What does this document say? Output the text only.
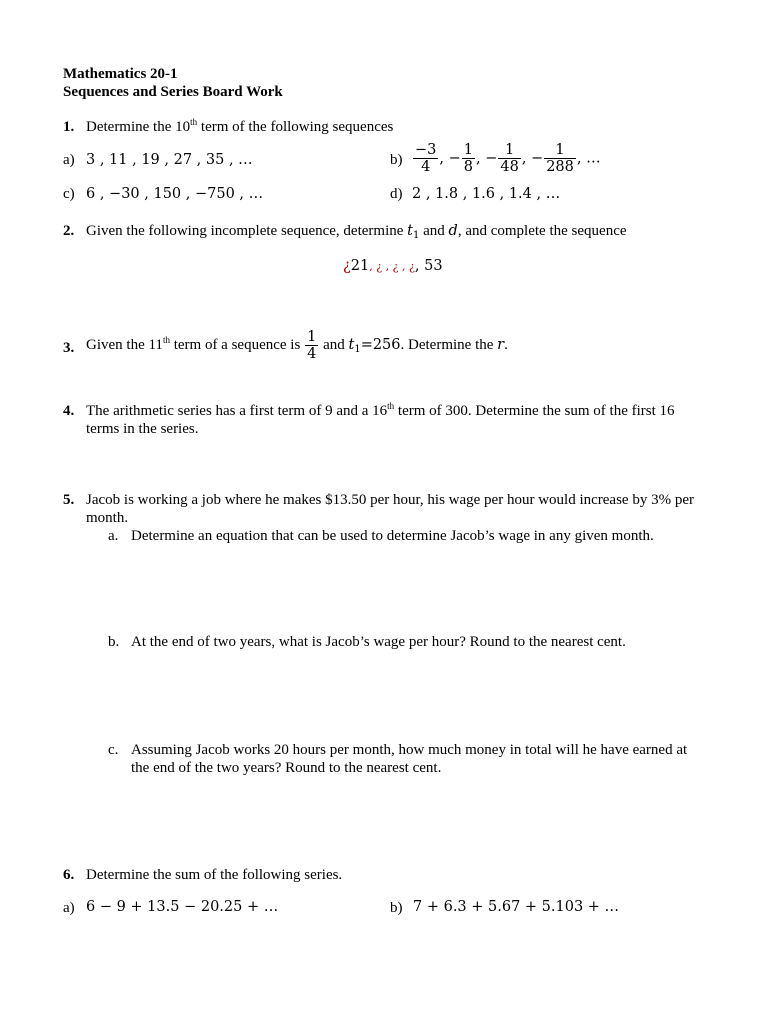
Mathematics 20-1
Sequences and Series Board Work
1. Determine the 10th term of the following sequences
a) 3 , 11 , 19 , 27 , 35 , …	$b) \frac{-3}{4}$ , − $\frac{1}{8}$ , − $\frac{1}{48}$ , − $\frac{1}{288}$ , …
c) 6 , −30 , 150 , −750 , …	d) 2 , 1.8 , 1.6 , 1.4 , …
2. Given the following incomplete sequence, determine $t_1$ and d, and complete the sequence
¿21, ¿ , ¿ , ¿, 53
3. Given the 11th term of a sequence is $\frac{1}{4}$ and $t_1=256$. Determine the r.
4. The arithmetic series has a first term of 9 and a 16th term of 300. Determine the sum of the first 16
terms in the series.
5. Jacob is working a job where he makes $13.50 per hour, his wage per hour would increase by 3% per
month.
a. Determine an equation that can be used to determine Jacob’s wage in any given month.
b. At the end of two years, what is Jacob’s wage per hour? Round to the nearest cent.
c. Assuming Jacob works 20 hours per month, how much money in total will he have earned at
the end of the two years? Round to the nearest cent.
6. Determine the sum of the following series.
a) 6 − 9 + 13.5 − 20.25 + …	b) 7 + 6.3 + 5.67 + 5.103 + …
